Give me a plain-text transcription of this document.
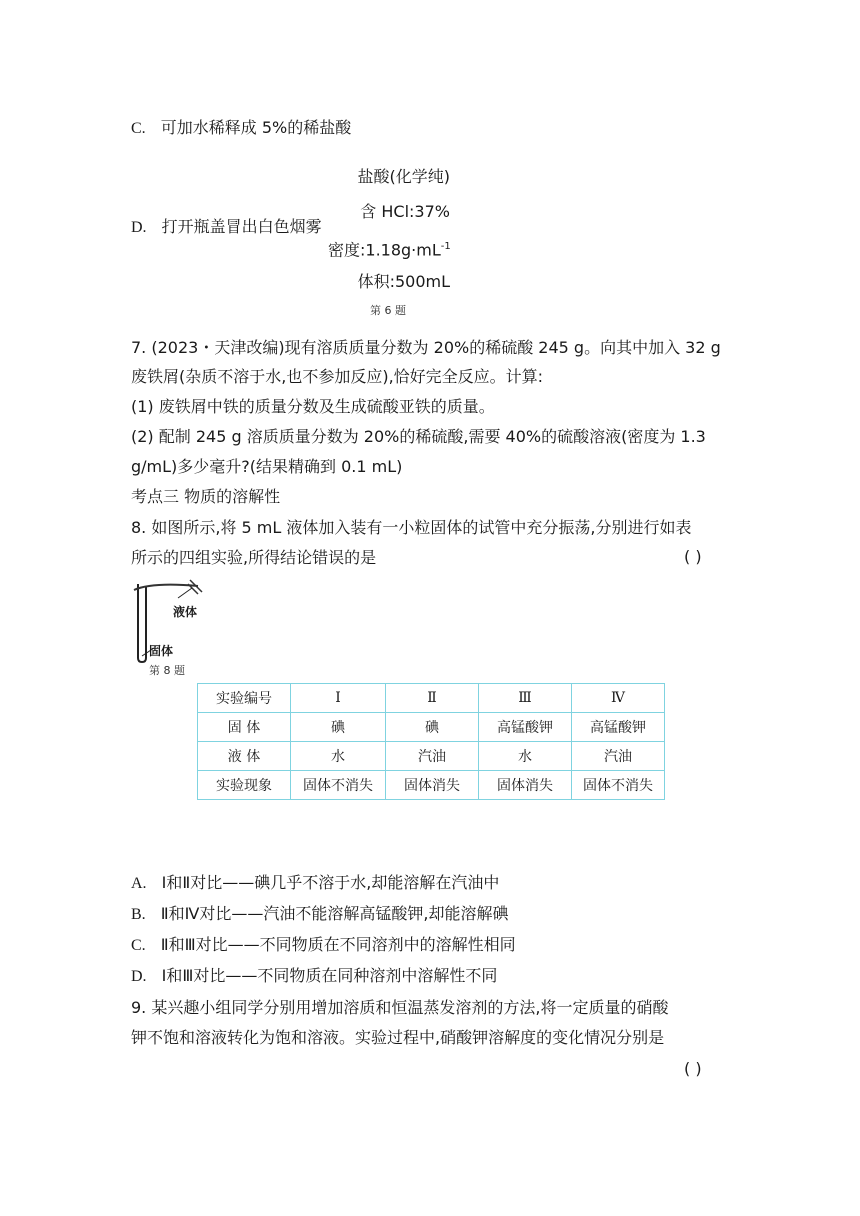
C. 可加水稀释成 5%的稀盐酸
D. 打开瓶盖冒出白色烟雾
盐酸(化学纯)
含 HCl:37%
密度$:1.18g\cdot mL^{-1}$
体积:500mL
第 6 题
7. (2023・天津改编)现有溶质质量分数为 20%的稀硫酸 245 g。向其中加入 32 g
废铁屑(杂质不溶于水,也不参加反应),恰好完全反应。计算:
(1) 废铁屑中铁的质量分数及生成硫酸亚铁的质量。
(2) 配制 245 g 溶质质量分数为 20%的稀硫酸,需要 40%的硫酸溶液(密度为 1.3
g/mL)多少毫升?(结果精确到 0.1 mL)
考点三 物质的溶解性
8. 如图所示,将 5 mL 液体加入装有一小粒固体的试管中充分振荡,分别进行如表
所示的四组实验,所得结论错误的是	( )
液体
固体
第 8 题
实验编号	Ⅰ	Ⅱ	Ⅲ	Ⅳ
固 体	碘	碘	高锰酸钾	高锰酸钾
液 体	水	汽油	水	汽油
实验现象	固体不消失	固体消失	固体消失	固体不消失
A. Ⅰ和Ⅱ对比——碘几乎不溶于水,却能溶解在汽油中
B. Ⅱ和Ⅳ对比——汽油不能溶解高锰酸钾,却能溶解碘
C. Ⅱ和Ⅲ对比——不同物质在不同溶剂中的溶解性相同
D. Ⅰ和Ⅲ对比——不同物质在同种溶剂中溶解性不同
9. 某兴趣小组同学分别用增加溶质和恒温蒸发溶剂的方法,将一定质量的硝酸
钾不饱和溶液转化为饱和溶液。实验过程中,硝酸钾溶解度的变化情况分别是
( )
